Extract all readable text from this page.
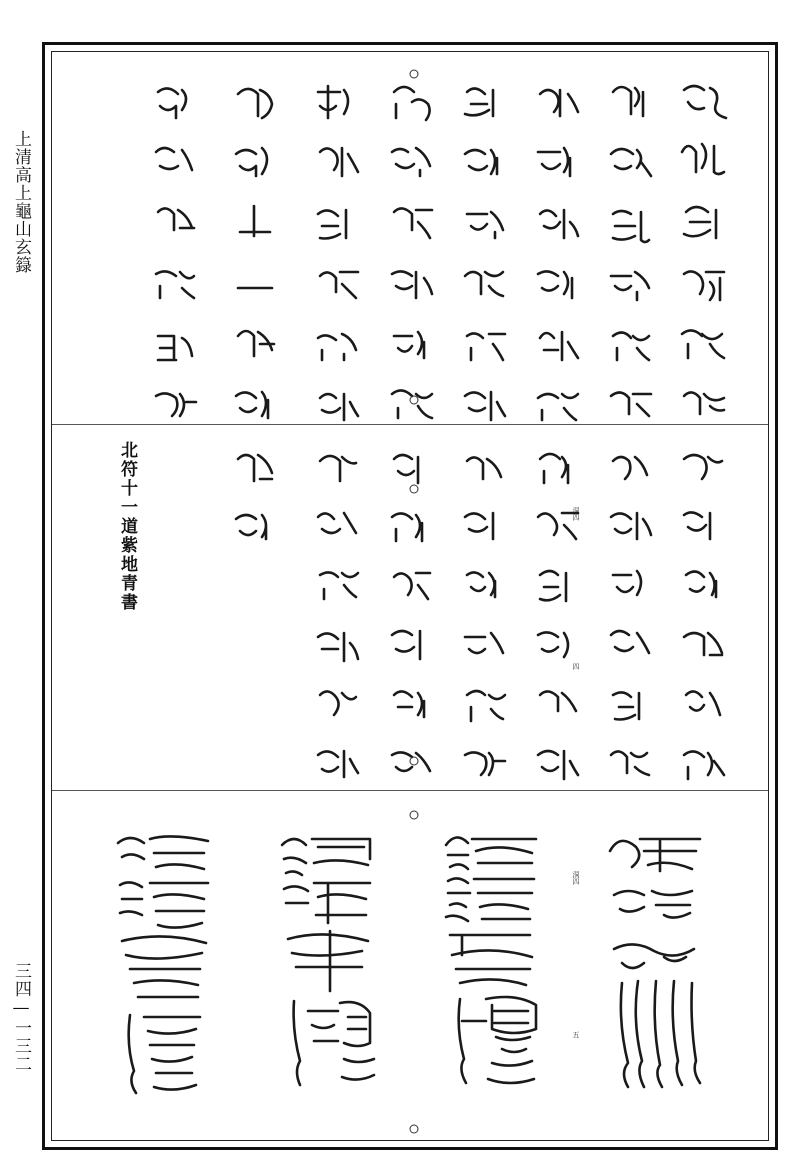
上清高上龜山玄籙
三四—一三二
北符十一道紫地青書	洞四
四
洞四
五
